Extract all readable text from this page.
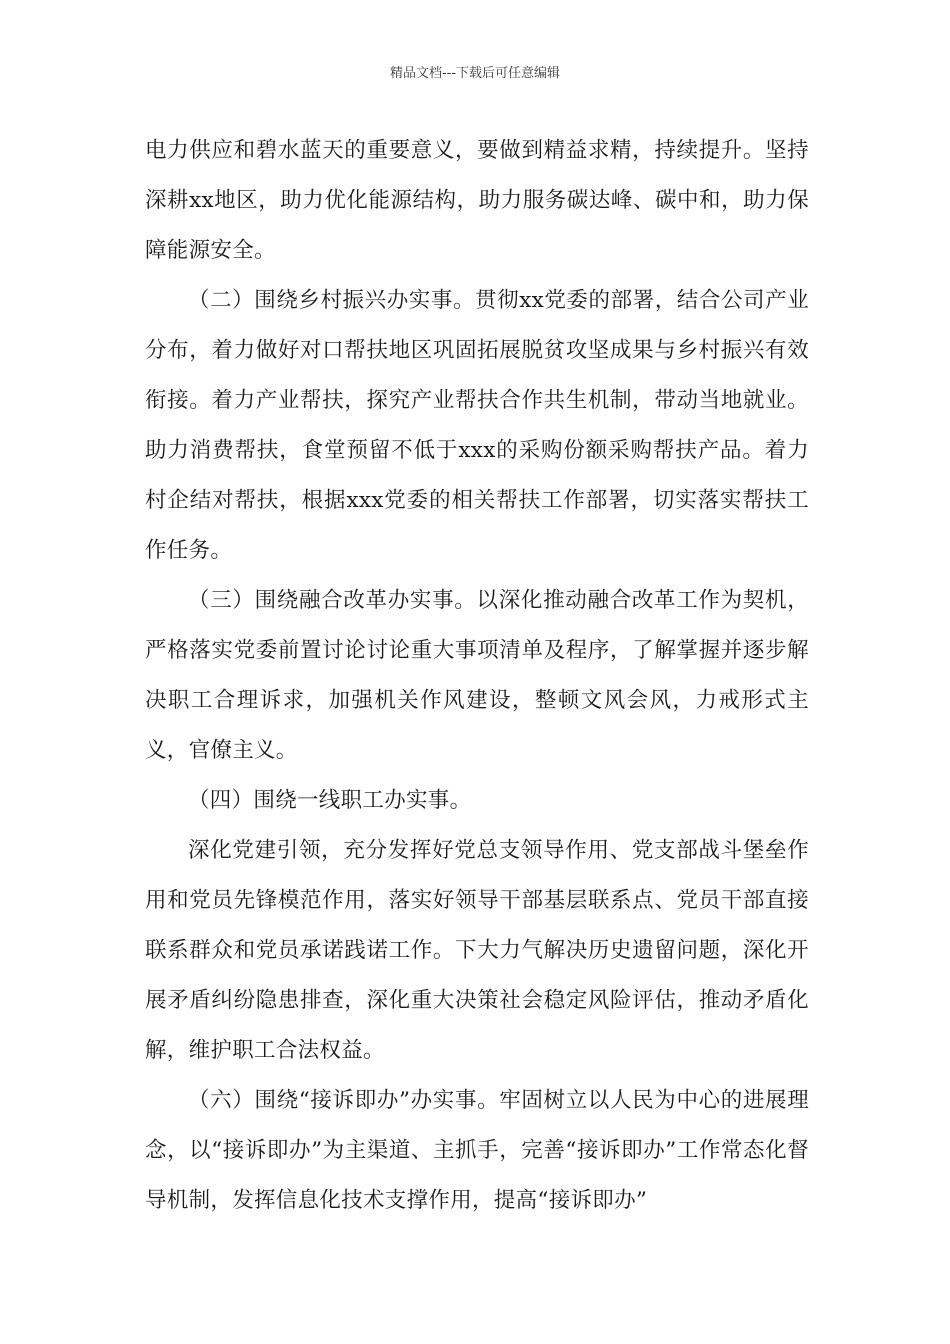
精品文档---下载后可任意编辑

电力供应和碧水蓝天的重要意义，要做到精益求精，持续提升。坚持深耕xx地区，助力优化能源结构，助力服务碳达峰、碳中和，助力保障能源安全。

（二）围绕乡村振兴办实事。贯彻xx党委的部署，结合公司产业分布，着力做好对口帮扶地区巩固拓展脱贫攻坚成果与乡村振兴有效衔接。着力产业帮扶，探究产业帮扶合作共生机制，带动当地就业。助力消费帮扶，食堂预留不低于xxx的采购份额采购帮扶产品。着力村企结对帮扶，根据xxx党委的相关帮扶工作部署，切实落实帮扶工作任务。

（三）围绕融合改革办实事。以深化推动融合改革工作为契机，严格落实党委前置讨论讨论重大事项清单及程序，了解掌握并逐步解决职工合理诉求，加强机关作风建设，整顿文风会风，力戒形式主义，官僚主义。

（四）围绕一线职工办实事。

深化党建引领，充分发挥好党总支领导作用、党支部战斗堡垒作用和党员先锋模范作用，落实好领导干部基层联系点、党员干部直接联系群众和党员承诺践诺工作。下大力气解决历史遗留问题，深化开展矛盾纠纷隐患排查，深化重大决策社会稳定风险评估，推动矛盾化解，维护职工合法权益。

（六）围绕“接诉即办”办实事。牢固树立以人民为中心的进展理念，以“接诉即办”为主渠道、主抓手，完善“接诉即办”工作常态化督导机制，发挥信息化技术支撑作用，提高“接诉即办”
